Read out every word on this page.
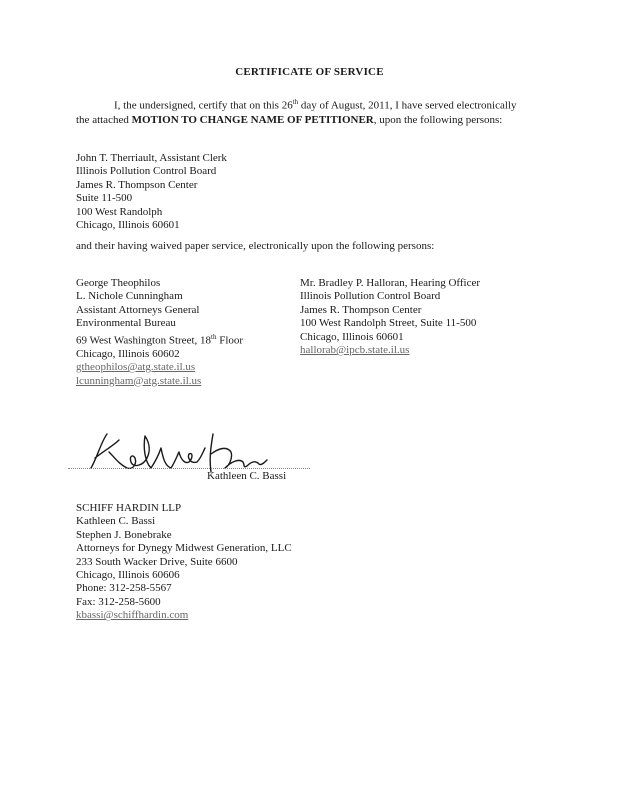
CERTIFICATE OF SERVICE
I, the undersigned, certify that on this 26th day of August, 2011, I have served electronically the attached MOTION TO CHANGE NAME OF PETITIONER, upon the following persons:
John T. Therriault, Assistant Clerk
Illinois Pollution Control Board
James R. Thompson Center
Suite 11-500
100 West Randolph
Chicago, Illinois 60601
and their having waived paper service, electronically upon the following persons:
George Theophilos
L. Nichole Cunningham
Assistant Attorneys General
Environmental Bureau
69 West Washington Street, 18th Floor
Chicago, Illinois 60602
gtheophilos@atg.state.il.us
lcunningham@atg.state.il.us
Mr. Bradley P. Halloran, Hearing Officer
Illinois Pollution Control Board
James R. Thompson Center
100 West Randolph Street, Suite 11-500
Chicago, Illinois 60601
hallorab@ipcb.state.il.us
Kathleen C. Bassi
SCHIFF HARDIN LLP
Kathleen C. Bassi
Stephen J. Bonebrake
Attorneys for Dynegy Midwest Generation, LLC
233 South Wacker Drive, Suite 6600
Chicago, Illinois 60606
Phone: 312-258-5567
Fax: 312-258-5600
kbassi@schiffhardin.com
